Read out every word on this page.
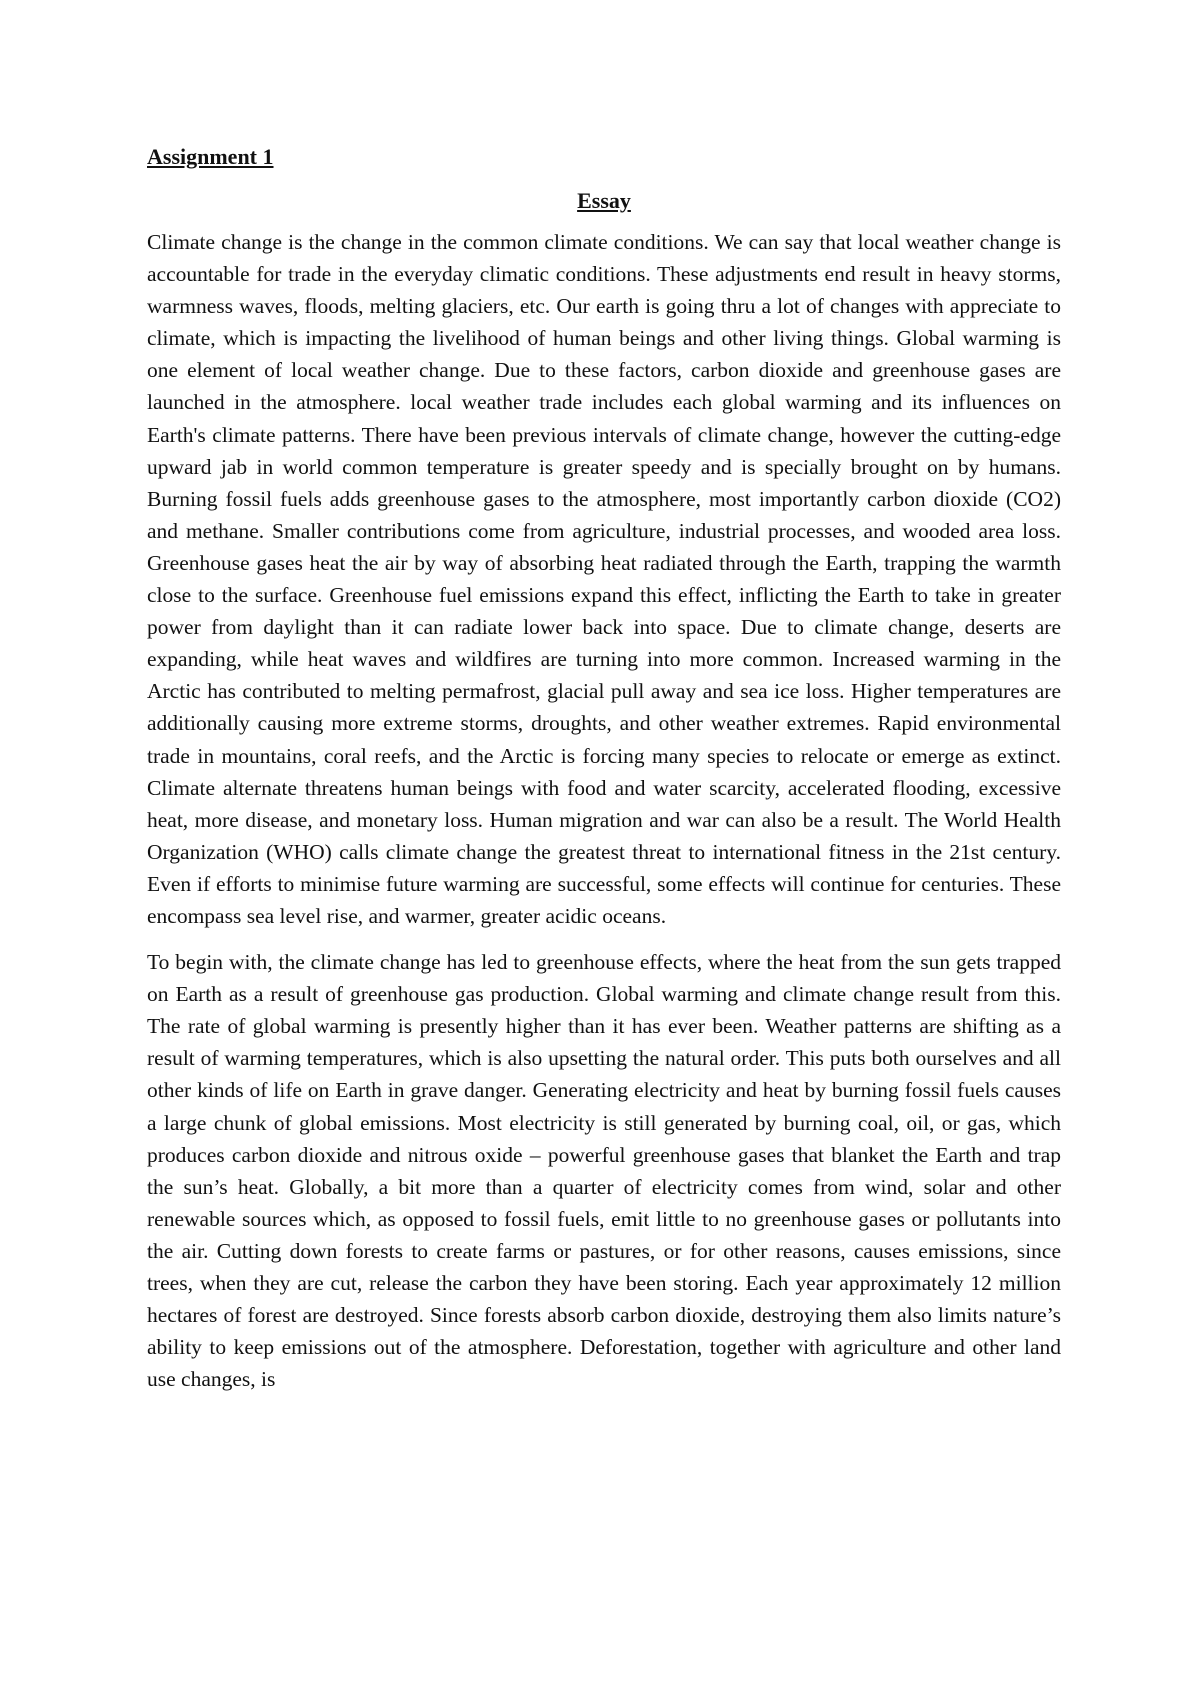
Assignment 1
Essay

Climate change is the change in the common climate conditions. We can say that local weather change is accountable for trade in the everyday climatic conditions. These adjustments end result in heavy storms, warmness waves, floods, melting glaciers, etc. Our earth is going thru a lot of changes with appreciate to climate, which is impacting the livelihood of human beings and other living things. Global warming is one element of local weather change. Due to these factors, carbon dioxide and greenhouse gases are launched in the atmosphere. local weather trade includes each global warming and its influences on Earth's climate patterns. There have been previous intervals of climate change, however the cutting-edge upward jab in world common temperature is greater speedy and is specially brought on by humans. Burning fossil fuels adds greenhouse gases to the atmosphere, most importantly carbon dioxide (CO2) and methane. Smaller contributions come from agriculture, industrial processes, and wooded area loss. Greenhouse gases heat the air by way of absorbing heat radiated through the Earth, trapping the warmth close to the surface. Greenhouse fuel emissions expand this effect, inflicting the Earth to take in greater power from daylight than it can radiate lower back into space. Due to climate change, deserts are expanding, while heat waves and wildfires are turning into more common. Increased warming in the Arctic has contributed to melting permafrost, glacial pull away and sea ice loss. Higher temperatures are additionally causing more extreme storms, droughts, and other weather extremes. Rapid environmental trade in mountains, coral reefs, and the Arctic is forcing many species to relocate or emerge as extinct. Climate alternate threatens human beings with food and water scarcity, accelerated flooding, excessive heat, more disease, and monetary loss. Human migration and war can also be a result. The World Health Organization (WHO) calls climate change the greatest threat to international fitness in the 21st century. Even if efforts to minimise future warming are successful, some effects will continue for centuries. These encompass sea level rise, and warmer, greater acidic oceans.

To begin with, the climate change has led to greenhouse effects, where the heat from the sun gets trapped on Earth as a result of greenhouse gas production. Global warming and climate change result from this. The rate of global warming is presently higher than it has ever been. Weather patterns are shifting as a result of warming temperatures, which is also upsetting the natural order. This puts both ourselves and all other kinds of life on Earth in grave danger. Generating electricity and heat by burning fossil fuels causes a large chunk of global emissions. Most electricity is still generated by burning coal, oil, or gas, which produces carbon dioxide and nitrous oxide – powerful greenhouse gases that blanket the Earth and trap the sun’s heat. Globally, a bit more than a quarter of electricity comes from wind, solar and other renewable sources which, as opposed to fossil fuels, emit little to no greenhouse gases or pollutants into the air. Cutting down forests to create farms or pastures, or for other reasons, causes emissions, since trees, when they are cut, release the carbon they have been storing. Each year approximately 12 million hectares of forest are destroyed. Since forests absorb carbon dioxide, destroying them also limits nature’s ability to keep emissions out of the atmosphere. Deforestation, together with agriculture and other land use changes, is
